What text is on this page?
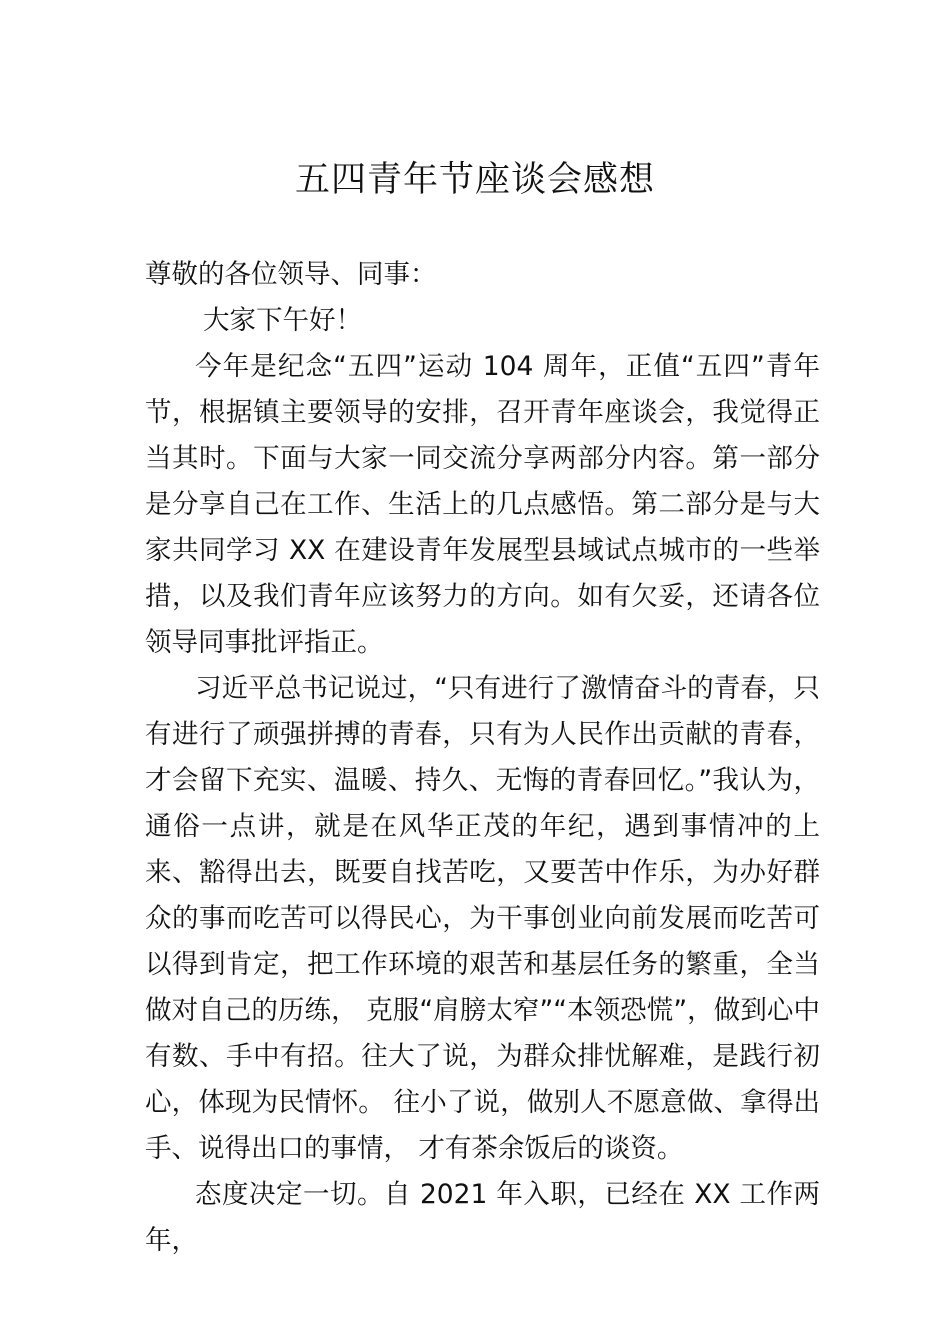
五四青年节座谈会感想

尊敬的各位领导、同事：

大家下午好！

今年是纪念“五四”运动 104 周年，正值“五四”青年节，根据镇主要领导的安排，召开青年座谈会，我觉得正当其时。下面与大家一同交流分享两部分内容。第一部分是分享自己在工作、生活上的几点感悟。第二部分是与大家共同学习 XX 在建设青年发展型县域试点城市的一些举措，以及我们青年应该努力的方向。如有欠妥，还请各位领导同事批评指正。

习近平总书记说过，“只有进行了激情奋斗的青春，只有进行了顽强拼搏的青春，只有为人民作出贡献的青春，才会留下充实、温暖、持久、无悔的青春回忆。”我认为，通俗一点讲，就是在风华正茂的年纪，遇到事情冲的上来、豁得出去，既要自找苦吃，又要苦中作乐，为办好群众的事而吃苦可以得民心，为干事创业向前发展而吃苦可以得到肯定，把工作环境的艰苦和基层任务的繁重，全当做对自己的历练， 克服“肩膀太窄”“本领恐慌”，做到心中有数、手中有招。往大了说，为群众排忧解难，是践行初心，体现为民情怀。 往小了说，做别人不愿意做、拿得出手、说得出口的事情， 才有茶余饭后的谈资。

态度决定一切。自 2021 年入职，已经在 XX 工作两年，
